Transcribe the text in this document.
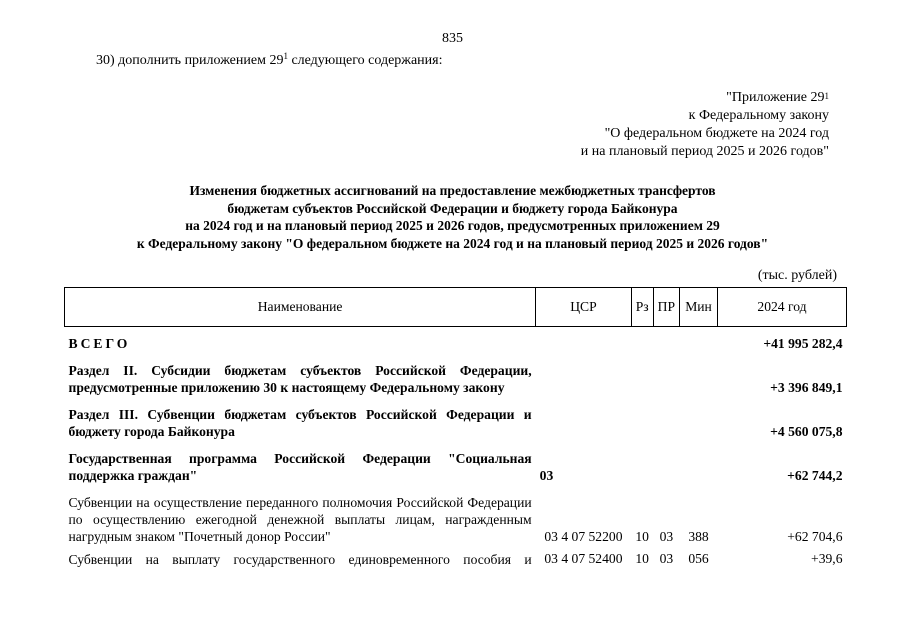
835
30) дополнить приложением $29^1$ следующего содержания:
"Приложение $29^1$
к Федеральному закону
"О федеральном бюджете на 2024 год
и на плановый период 2025 и 2026 годов"
Изменения бюджетных ассигнований на предоставление межбюджетных трансфертов
бюджетам субъектов Российской Федерации и бюджету города Байконура
на 2024 год и на плановый период 2025 и 2026 годов, предусмотренных приложением 29
к Федеральному закону "О федеральном бюджете на 2024 год и на плановый период 2025 и 2026 годов"
(тыс. рублей)
Наименование	ЦСР	Рз	ПР	Мин	2024 год
ВСЕГО					+41 995 282,4
Раздел II. Субсидии бюджетам субъектов Российской Федерации, предусмотренные приложению 30 к настоящему Федеральному закону					+3 396 849,1
Раздел III. Субвенции бюджетам субъектов Российской Федерации и бюджету города Байконура					+4 560 075,8
Государственная программа Российской Федерации "Социальная поддержка граждан"	03				+62 744,2
Субвенции на осуществление переданного полномочия Российской Федерации по осуществлению ежегодной денежной выплаты лицам, награжденным нагрудным знаком "Почетный донор России"	03 4 07 52200	10	03	388	+62 704,6

Субвенции на выплату государственного единовременного пособия и	03 4 07 52400	10	03	056	+39,6
